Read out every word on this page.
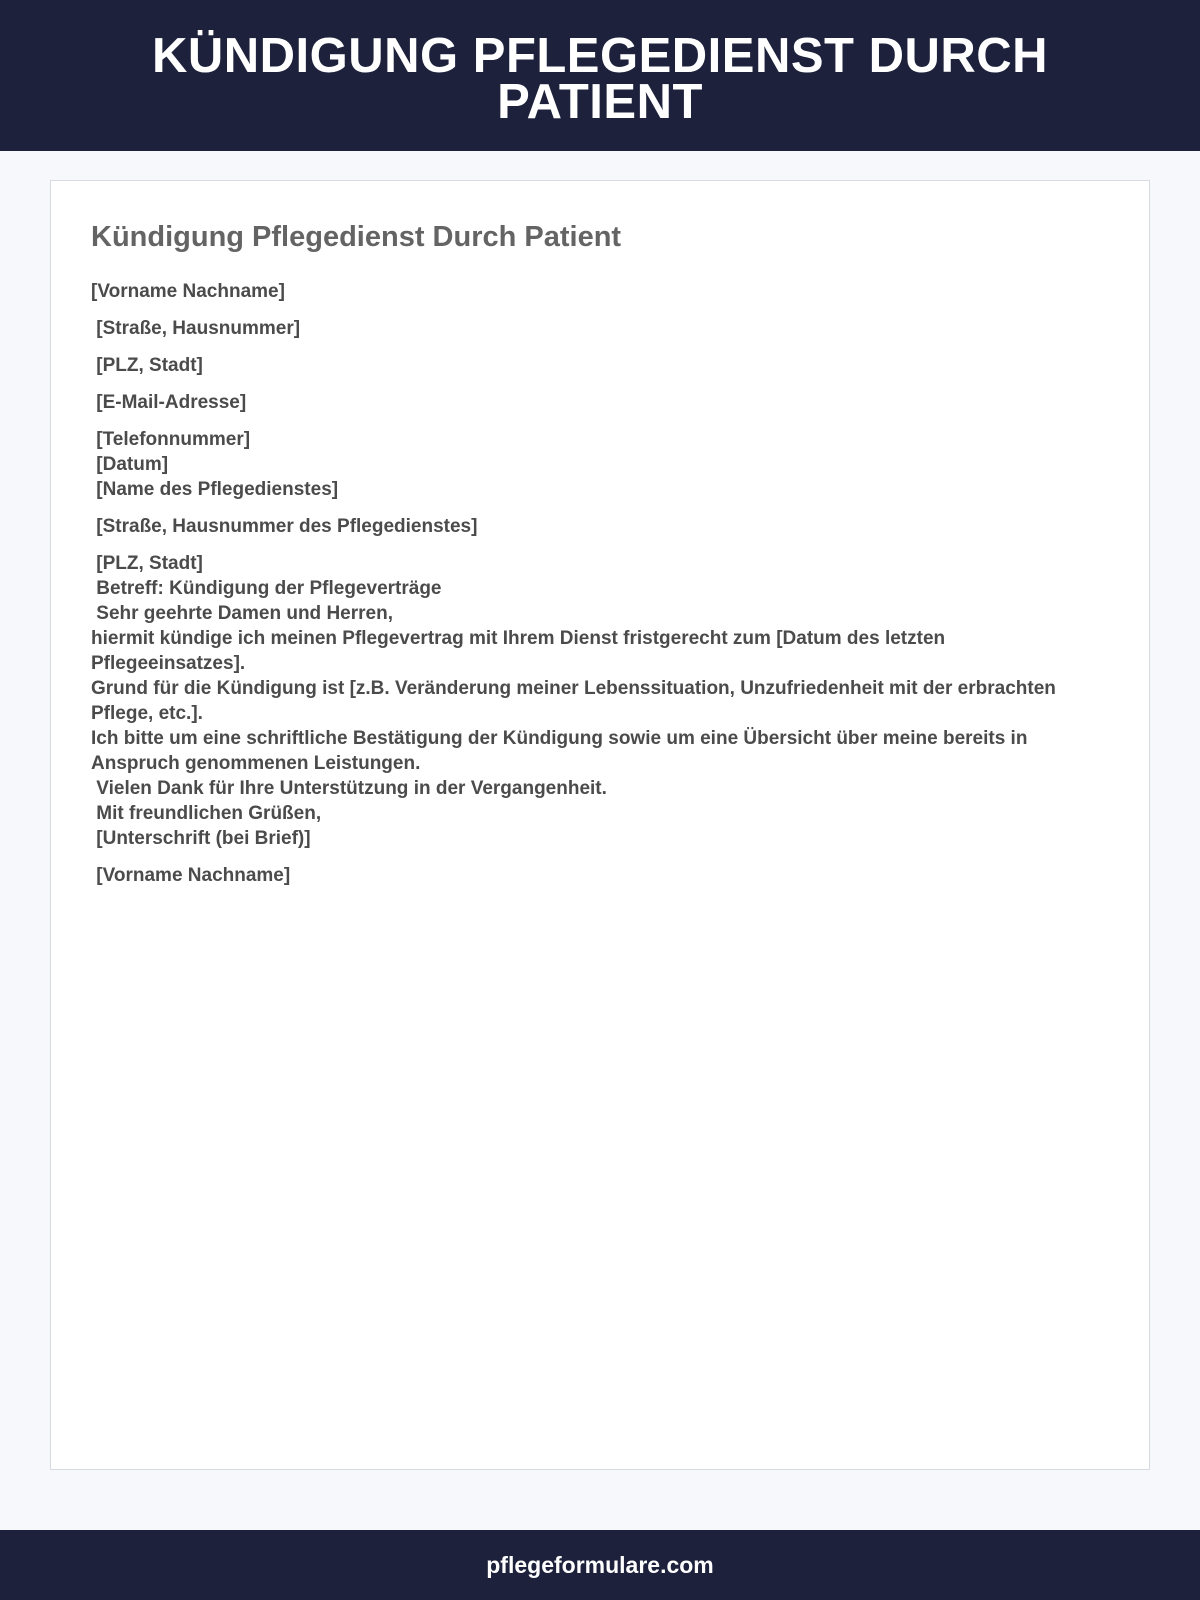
KÜNDIGUNG PFLEGEDIENST DURCH PATIENT
Kündigung Pflegedienst Durch Patient
[Vorname Nachname]
[Straße, Hausnummer]
[PLZ, Stadt]
[E-Mail-Adresse]
[Telefonnummer]
[Datum]
[Name des Pflegedienstes]
[Straße, Hausnummer des Pflegedienstes]
[PLZ, Stadt]
Betreff: Kündigung der Pflegeverträge
Sehr geehrte Damen und Herren,
hiermit kündige ich meinen Pflegevertrag mit Ihrem Dienst fristgerecht zum [Datum des letzten Pflegeeinsatzes].
Grund für die Kündigung ist [z.B. Veränderung meiner Lebenssituation, Unzufriedenheit mit der erbrachten Pflege, etc.].
Ich bitte um eine schriftliche Bestätigung der Kündigung sowie um eine Übersicht über meine bereits in Anspruch genommenen Leistungen.
Vielen Dank für Ihre Unterstützung in der Vergangenheit.
Mit freundlichen Grüßen,
[Unterschrift (bei Brief)]
[Vorname Nachname]
pflegeformulare.com
